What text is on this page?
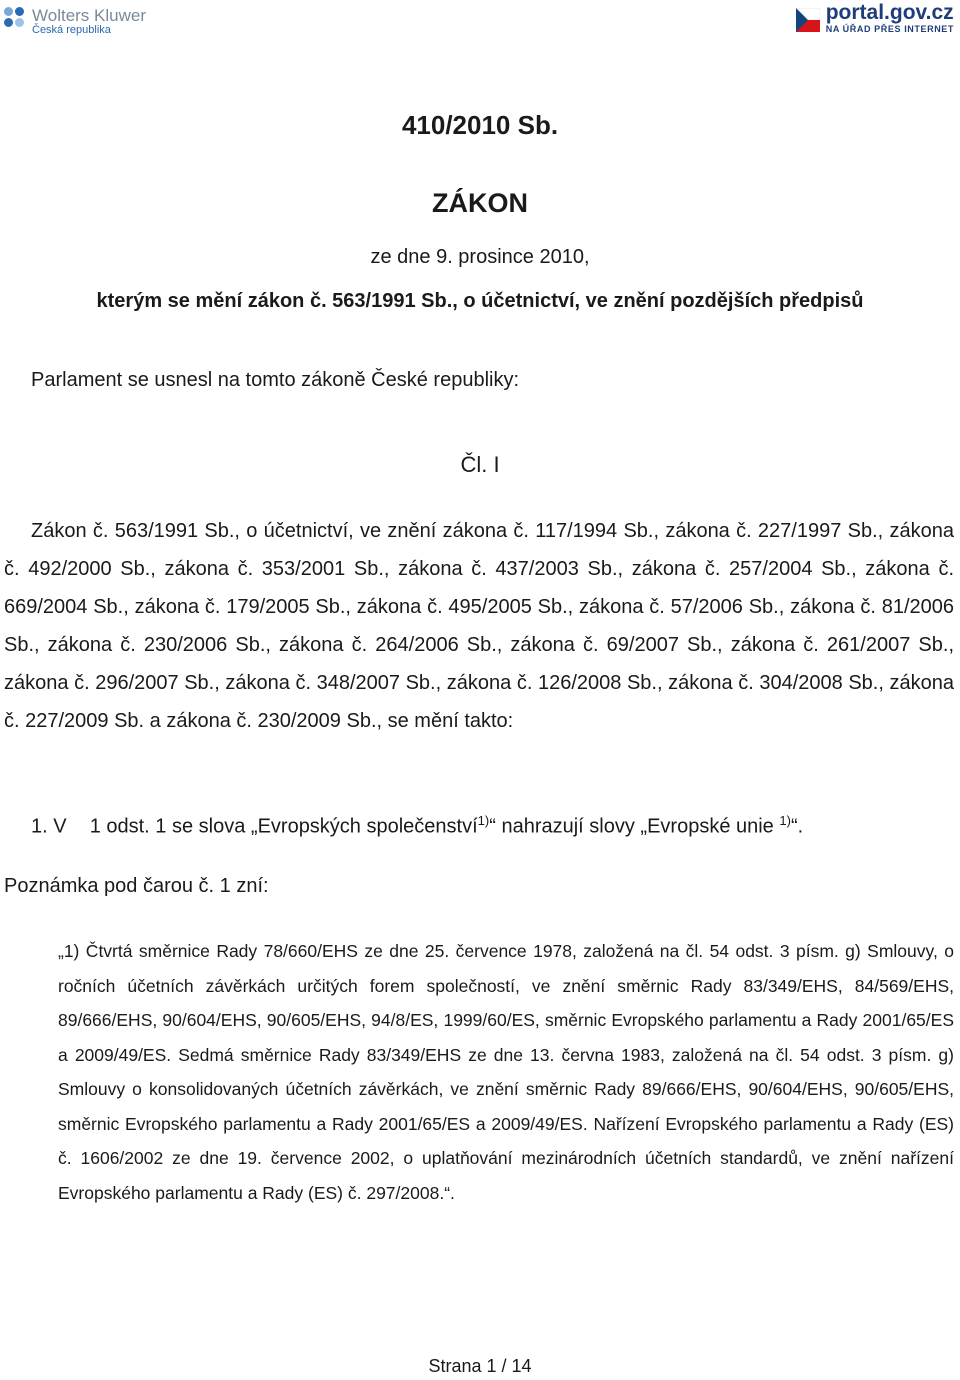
Wolters Kluwer
Česká republika
portal.gov.cz
NA ÚŘAD PŘES INTERNET
410/2010 Sb.
ZÁKON
ze dne 9. prosince 2010,
kterým se mění zákon č. 563/1991 Sb., o účetnictví, ve znění pozdějších předpisů
Parlament se usnesl na tomto zákoně České republiky:
Čl. I
Zákon č. 563/1991 Sb., o účetnictví, ve znění zákona č. 117/1994 Sb., zákona č. 227/1997 Sb., zákona č. 492/2000 Sb., zákona č. 353/2001 Sb., zákona č. 437/2003 Sb., zákona č. 257/2004 Sb., zákona č. 669/2004 Sb., zákona č. 179/2005 Sb., zákona č. 495/2005 Sb., zákona č. 57/2006 Sb., zákona č. 81/2006 Sb., zákona č. 230/2006 Sb., zákona č. 264/2006 Sb., zákona č. 69/2007 Sb., zákona č. 261/2007 Sb., zákona č. 296/2007 Sb., zákona č. 348/2007 Sb., zákona č. 126/2008 Sb., zákona č. 304/2008 Sb., zákona č. 227/2009 Sb. a zákona č. 230/2009 Sb., se mění takto:
1. V 1 odst. 1 se slova „Evropských společenství$^{1)}$“ nahrazují slovy „Evropské unie $^{1)}$“.
Poznámka pod čarou č. 1 zní:
„1) Čtvrtá směrnice Rady 78/660/EHS ze dne 25. července 1978, založená na čl. 54 odst. 3 písm. g) Smlouvy, o ročních účetních závěrkách určitých forem společností, ve znění směrnic Rady 83/349/EHS, 84/569/EHS, 89/666/EHS, 90/604/EHS, 90/605/EHS, 94/8/ES, 1999/60/ES, směrnic Evropského parlamentu a Rady 2001/65/ES a 2009/49/ES. Sedmá směrnice Rady 83/349/EHS ze dne 13. června 1983, založená na čl. 54 odst. 3 písm. g) Smlouvy o konsolidovaných účetních závěrkách, ve znění směrnic Rady 89/666/EHS, 90/604/EHS, 90/605/EHS, směrnic Evropského parlamentu a Rady 2001/65/ES a 2009/49/ES. Nařízení Evropského parlamentu a Rady (ES) č. 1606/2002 ze dne 19. července 2002, o uplatňování mezinárodních účetních standardů, ve znění nařízení Evropského parlamentu a Rady (ES) č. 297/2008.“.
Strana 1 / 14
